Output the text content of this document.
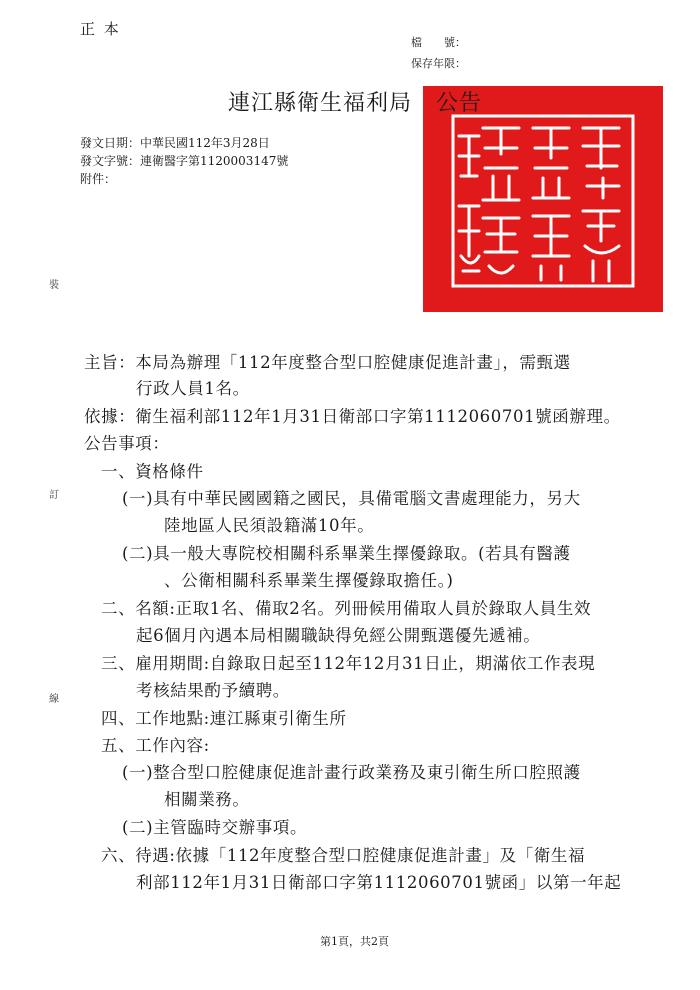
正 本
檔　　號：
保存年限：
連江縣衛生福利局 公告
發文日期：中華民國112年3月28日
發文字號：連衛醫字第1120003147號
附件：
裝
訂
線
主旨：本局為辦理「112年度整合型口腔健康促進計畫」，需甄選
行政人員1名。
依據：衛生福利部112年1月31日衛部口字第1112060701號函辦理。
公告事項：
一、資格條件
(一)具有中華民國國籍之國民，具備電腦文書處理能力，另大
陸地區人民須設籍滿10年。
(二)具一般大專院校相關科系畢業生擇優錄取。(若具有醫護
、公衛相關科系畢業生擇優錄取擔任。)
二、名額:正取1名、備取2名。列冊候用備取人員於錄取人員生效
起6個月內遇本局相關職缺得免經公開甄選優先遞補。
三、雇用期間:自錄取日起至112年12月31日止，期滿依工作表現
考核結果酌予續聘。
四、工作地點:連江縣東引衛生所
五、工作內容:
(一)整合型口腔健康促進計畫行政業務及東引衛生所口腔照護
相關業務。
(二)主管臨時交辦事項。
六、待遇:依據「112年度整合型口腔健康促進計畫」及「衛生福
利部112年1月31日衛部口字第1112060701號函」以第一年起
第1頁，共2頁
